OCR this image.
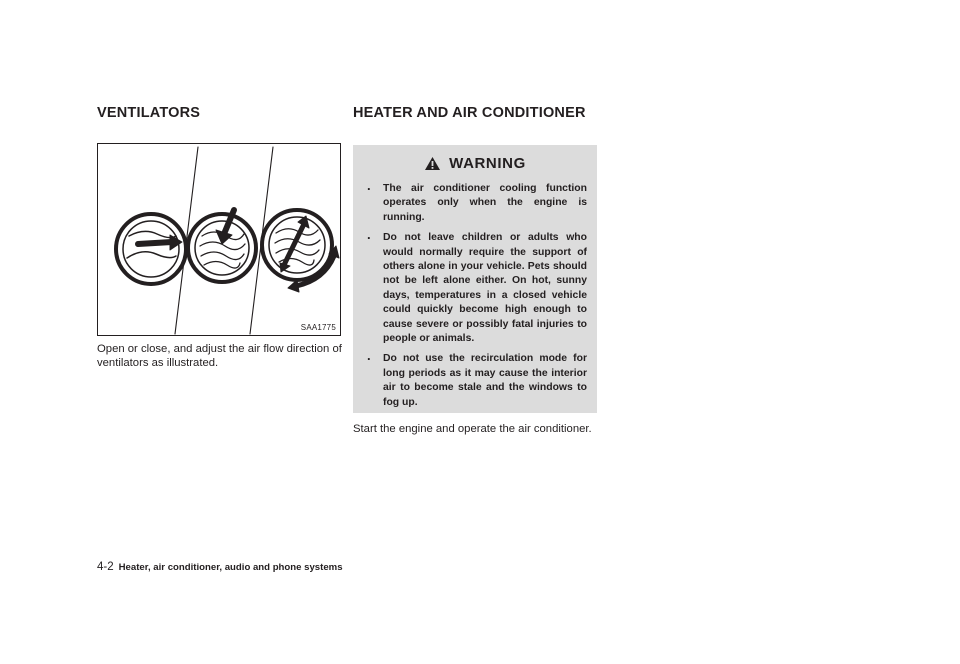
VENTILATORS	HEATER AND AIR CONDITIONER
SAA1775

Open or close, and adjust the air flow direction of ventilators as illustrated.

WARNING
. The air conditioner cooling function operates only when the engine is running.
. Do not leave children or adults who would normally require the support of others alone in your vehicle. Pets should not be left alone either. On hot, sunny days, temperatures in a closed vehicle could quickly become high enough to cause severe or possibly fatal injuries to people or animals.
. Do not use the recirculation mode for long periods as it may cause the interior air to become stale and the windows to fog up.

Start the engine and operate the air conditioner.

4-2 Heater, air conditioner, audio and phone systems
